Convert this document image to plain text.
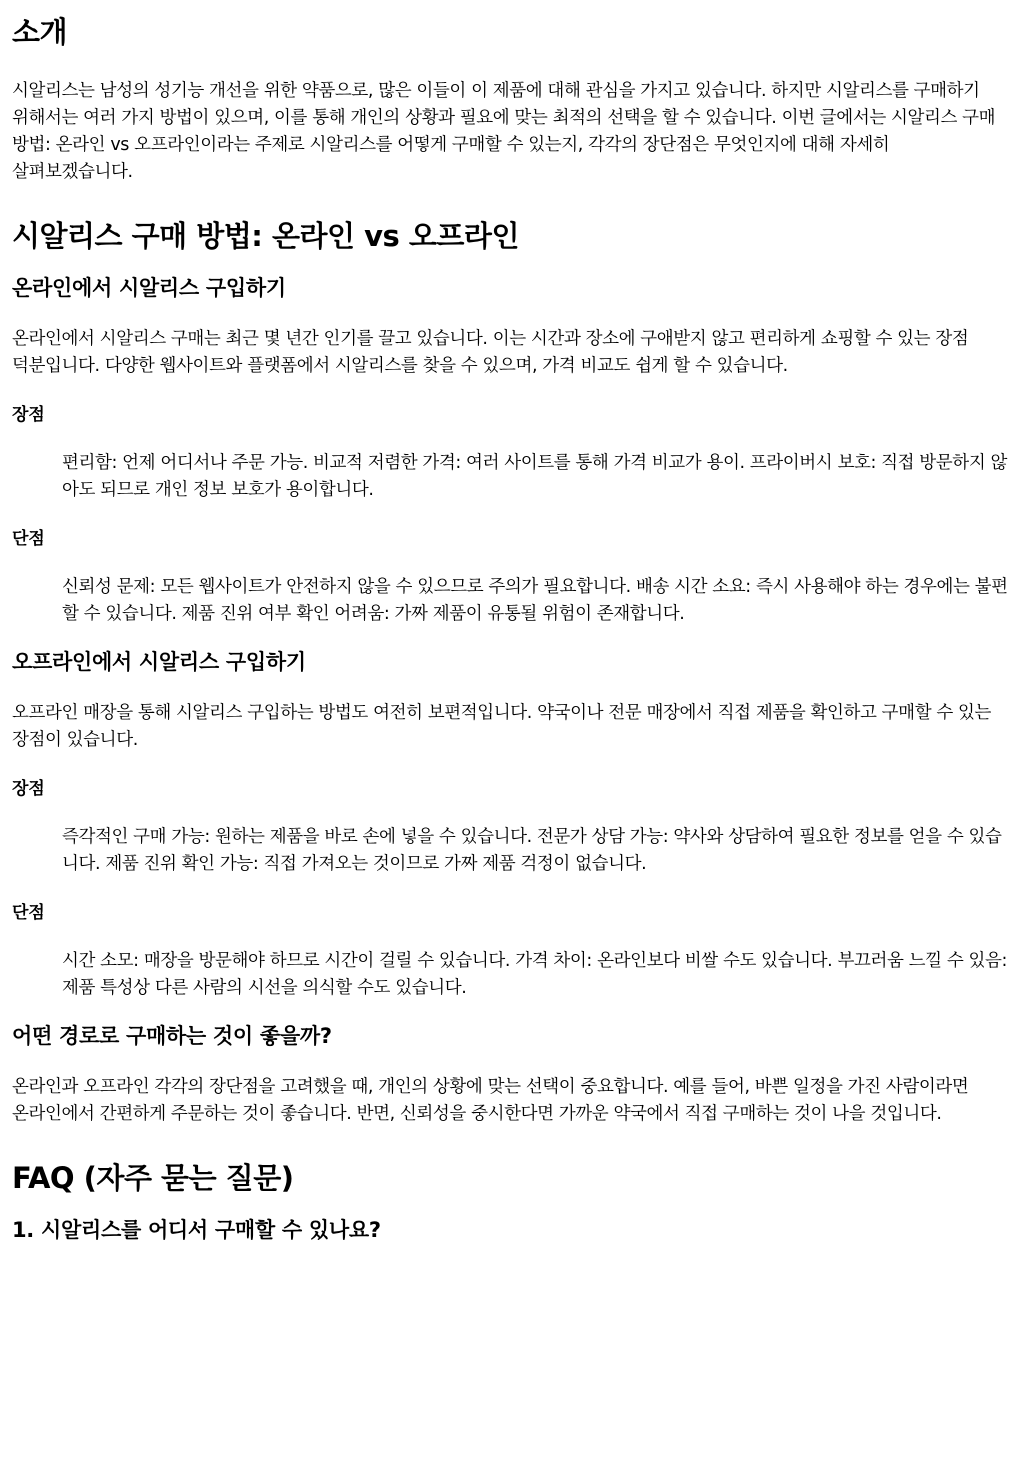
소개

시알리스는 남성의 성기능 개선을 위한 약품으로, 많은 이들이 이 제품에 대해 관심을 가지고 있습니다. 하지만 시알리스를 구매하기 위해서는 여러 가지 방법이 있으며, 이를 통해 개인의 상황과 필요에 맞는 최적의 선택을 할 수 있습니다. 이번 글에서는 시알리스 구매 방법: 온라인 vs 오프라인이라는 주제로 시알리스를 어떻게 구매할 수 있는지, 각각의 장단점은 무엇인지에 대해 자세히 살펴보겠습니다.

시알리스 구매 방법: 온라인 vs 오프라인
온라인에서 시알리스 구입하기

온라인에서 시알리스 구매는 최근 몇 년간 인기를 끌고 있습니다. 이는 시간과 장소에 구애받지 않고 편리하게 쇼핑할 수 있는 장점 덕분입니다. 다양한 웹사이트와 플랫폼에서 시알리스를 찾을 수 있으며, 가격 비교도 쉽게 할 수 있습니다.

장점
편리함: 언제 어디서나 주문 가능. 비교적 저렴한 가격: 여러 사이트를 통해 가격 비교가 용이. 프라이버시 보호: 직접 방문하지 않아도 되므로 개인 정보 보호가 용이합니다.
단점
신뢰성 문제: 모든 웹사이트가 안전하지 않을 수 있으므로 주의가 필요합니다. 배송 시간 소요: 즉시 사용해야 하는 경우에는 불편할 수 있습니다. 제품 진위 여부 확인 어려움: 가짜 제품이 유통될 위험이 존재합니다.
오프라인에서 시알리스 구입하기

오프라인 매장을 통해 시알리스 구입하는 방법도 여전히 보편적입니다. 약국이나 전문 매장에서 직접 제품을 확인하고 구매할 수 있는 장점이 있습니다.

장점
즉각적인 구매 가능: 원하는 제품을 바로 손에 넣을 수 있습니다. 전문가 상담 가능: 약사와 상담하여 필요한 정보를 얻을 수 있습니다. 제품 진위 확인 가능: 직접 가져오는 것이므로 가짜 제품 걱정이 없습니다.
단점
시간 소모: 매장을 방문해야 하므로 시간이 걸릴 수 있습니다. 가격 차이: 온라인보다 비쌀 수도 있습니다. 부끄러움 느낄 수 있음: 제품 특성상 다른 사람의 시선을 의식할 수도 있습니다.
어떤 경로로 구매하는 것이 좋을까?

온라인과 오프라인 각각의 장단점을 고려했을 때, 개인의 상황에 맞는 선택이 중요합니다. 예를 들어, 바쁜 일정을 가진 사람이라면 온라인에서 간편하게 주문하는 것이 좋습니다. 반면, 신뢰성을 중시한다면 가까운 약국에서 직접 구매하는 것이 나을 것입니다.

FAQ (자주 묻는 질문)
1. 시알리스를 어디서 구매할 수 있나요?
